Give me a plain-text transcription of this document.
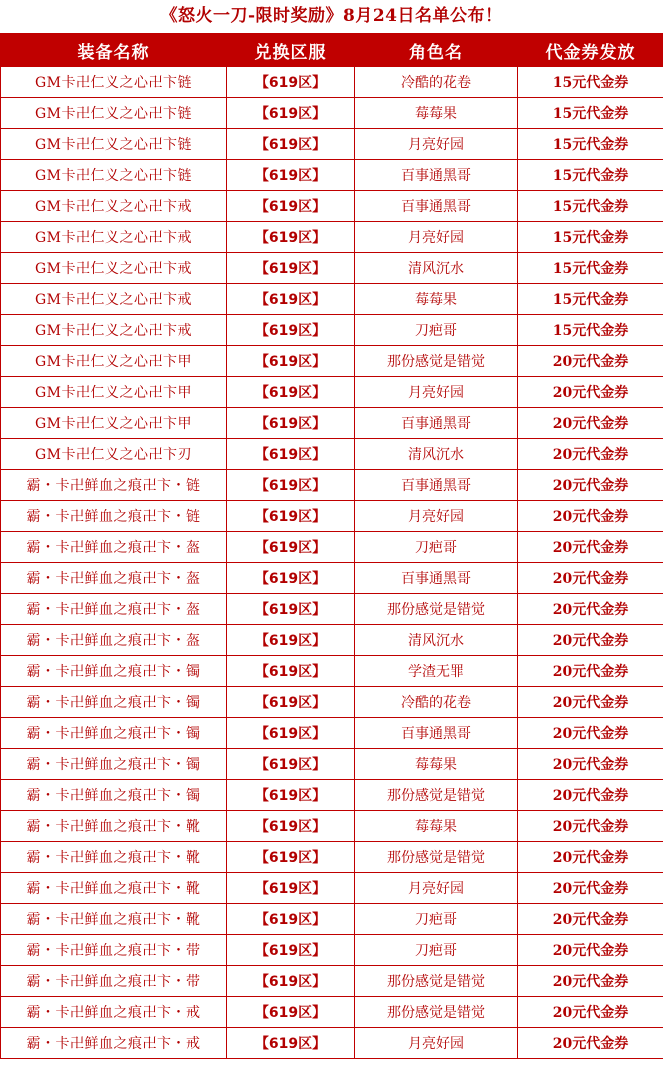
《怒火一刀-限时奖励》8月24日名单公布！
装备名称	兑换区服	角色名	代金券发放
GM卡卍仁义之心卍卞链	【619区】	冷酷的花卷	15元代金券
GM卡卍仁义之心卍卞链	【619区】	莓莓果	15元代金券
GM卡卍仁义之心卍卞链	【619区】	月亮好园	15元代金券
GM卡卍仁义之心卍卞链	【619区】	百事通黑哥	15元代金券
GM卡卍仁义之心卍卞戒	【619区】	百事通黑哥	15元代金券
GM卡卍仁义之心卍卞戒	【619区】	月亮好园	15元代金券
GM卡卍仁义之心卍卞戒	【619区】	清风沉水	15元代金券
GM卡卍仁义之心卍卞戒	【619区】	莓莓果	15元代金券
GM卡卍仁义之心卍卞戒	【619区】	刀疤哥	15元代金券
GM卡卍仁义之心卍卞甲	【619区】	那份感觉是错觉	20元代金券
GM卡卍仁义之心卍卞甲	【619区】	月亮好园	20元代金券
GM卡卍仁义之心卍卞甲	【619区】	百事通黑哥	20元代金券
GM卡卍仁义之心卍卞刃	【619区】	清风沉水	20元代金券
霸・卡卍鲜血之痕卍卞・链	【619区】	百事通黑哥	20元代金券
霸・卡卍鲜血之痕卍卞・链	【619区】	月亮好园	20元代金券
霸・卡卍鲜血之痕卍卞・盔	【619区】	刀疤哥	20元代金券
霸・卡卍鲜血之痕卍卞・盔	【619区】	百事通黑哥	20元代金券
霸・卡卍鲜血之痕卍卞・盔	【619区】	那份感觉是错觉	20元代金券
霸・卡卍鲜血之痕卍卞・盔	【619区】	清风沉水	20元代金券
霸・卡卍鲜血之痕卍卞・镯	【619区】	学渣无罪	20元代金券
霸・卡卍鲜血之痕卍卞・镯	【619区】	冷酷的花卷	20元代金券
霸・卡卍鲜血之痕卍卞・镯	【619区】	百事通黑哥	20元代金券
霸・卡卍鲜血之痕卍卞・镯	【619区】	莓莓果	20元代金券
霸・卡卍鲜血之痕卍卞・镯	【619区】	那份感觉是错觉	20元代金券
霸・卡卍鲜血之痕卍卞・靴	【619区】	莓莓果	20元代金券
霸・卡卍鲜血之痕卍卞・靴	【619区】	那份感觉是错觉	20元代金券
霸・卡卍鲜血之痕卍卞・靴	【619区】	月亮好园	20元代金券
霸・卡卍鲜血之痕卍卞・靴	【619区】	刀疤哥	20元代金券
霸・卡卍鲜血之痕卍卞・带	【619区】	刀疤哥	20元代金券
霸・卡卍鲜血之痕卍卞・带	【619区】	那份感觉是错觉	20元代金券
霸・卡卍鲜血之痕卍卞・戒	【619区】	那份感觉是错觉	20元代金券
霸・卡卍鲜血之痕卍卞・戒	【619区】	月亮好园	20元代金券
